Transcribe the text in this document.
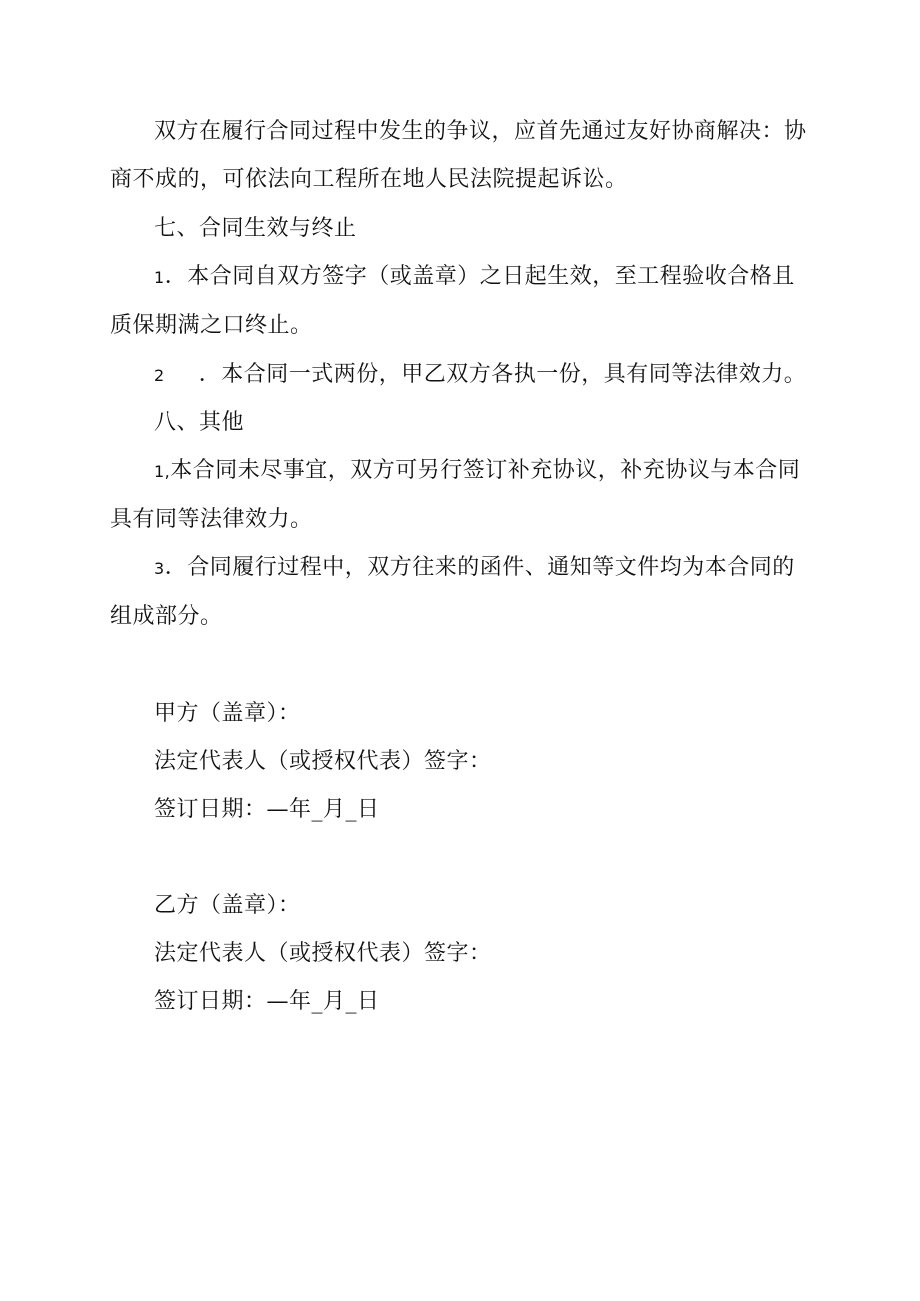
双方在履行合同过程中发生的争议，应首先通过友好协商解决：协商不成的，可依法向工程所在地人民法院提起诉讼。

七、合同生效与终止

1．本合同自双方签字（或盖章）之日起生效，至工程验收合格且质保期满之口终止。

2 ．本合同一式两份，甲乙双方各执一份，具有同等法律效力。

八、其他

1,本合同未尽事宜，双方可另行签订补充协议，补充协议与本合同具有同等法律效力。

3．合同履行过程中，双方往来的函件、通知等文件均为本合同的组成部分。

甲方（盖章）：

法定代表人（或授权代表）签字：

签订日期：—年_月_日

乙方（盖章）：

法定代表人（或授权代表）签字：

签订日期：—年_月_日
